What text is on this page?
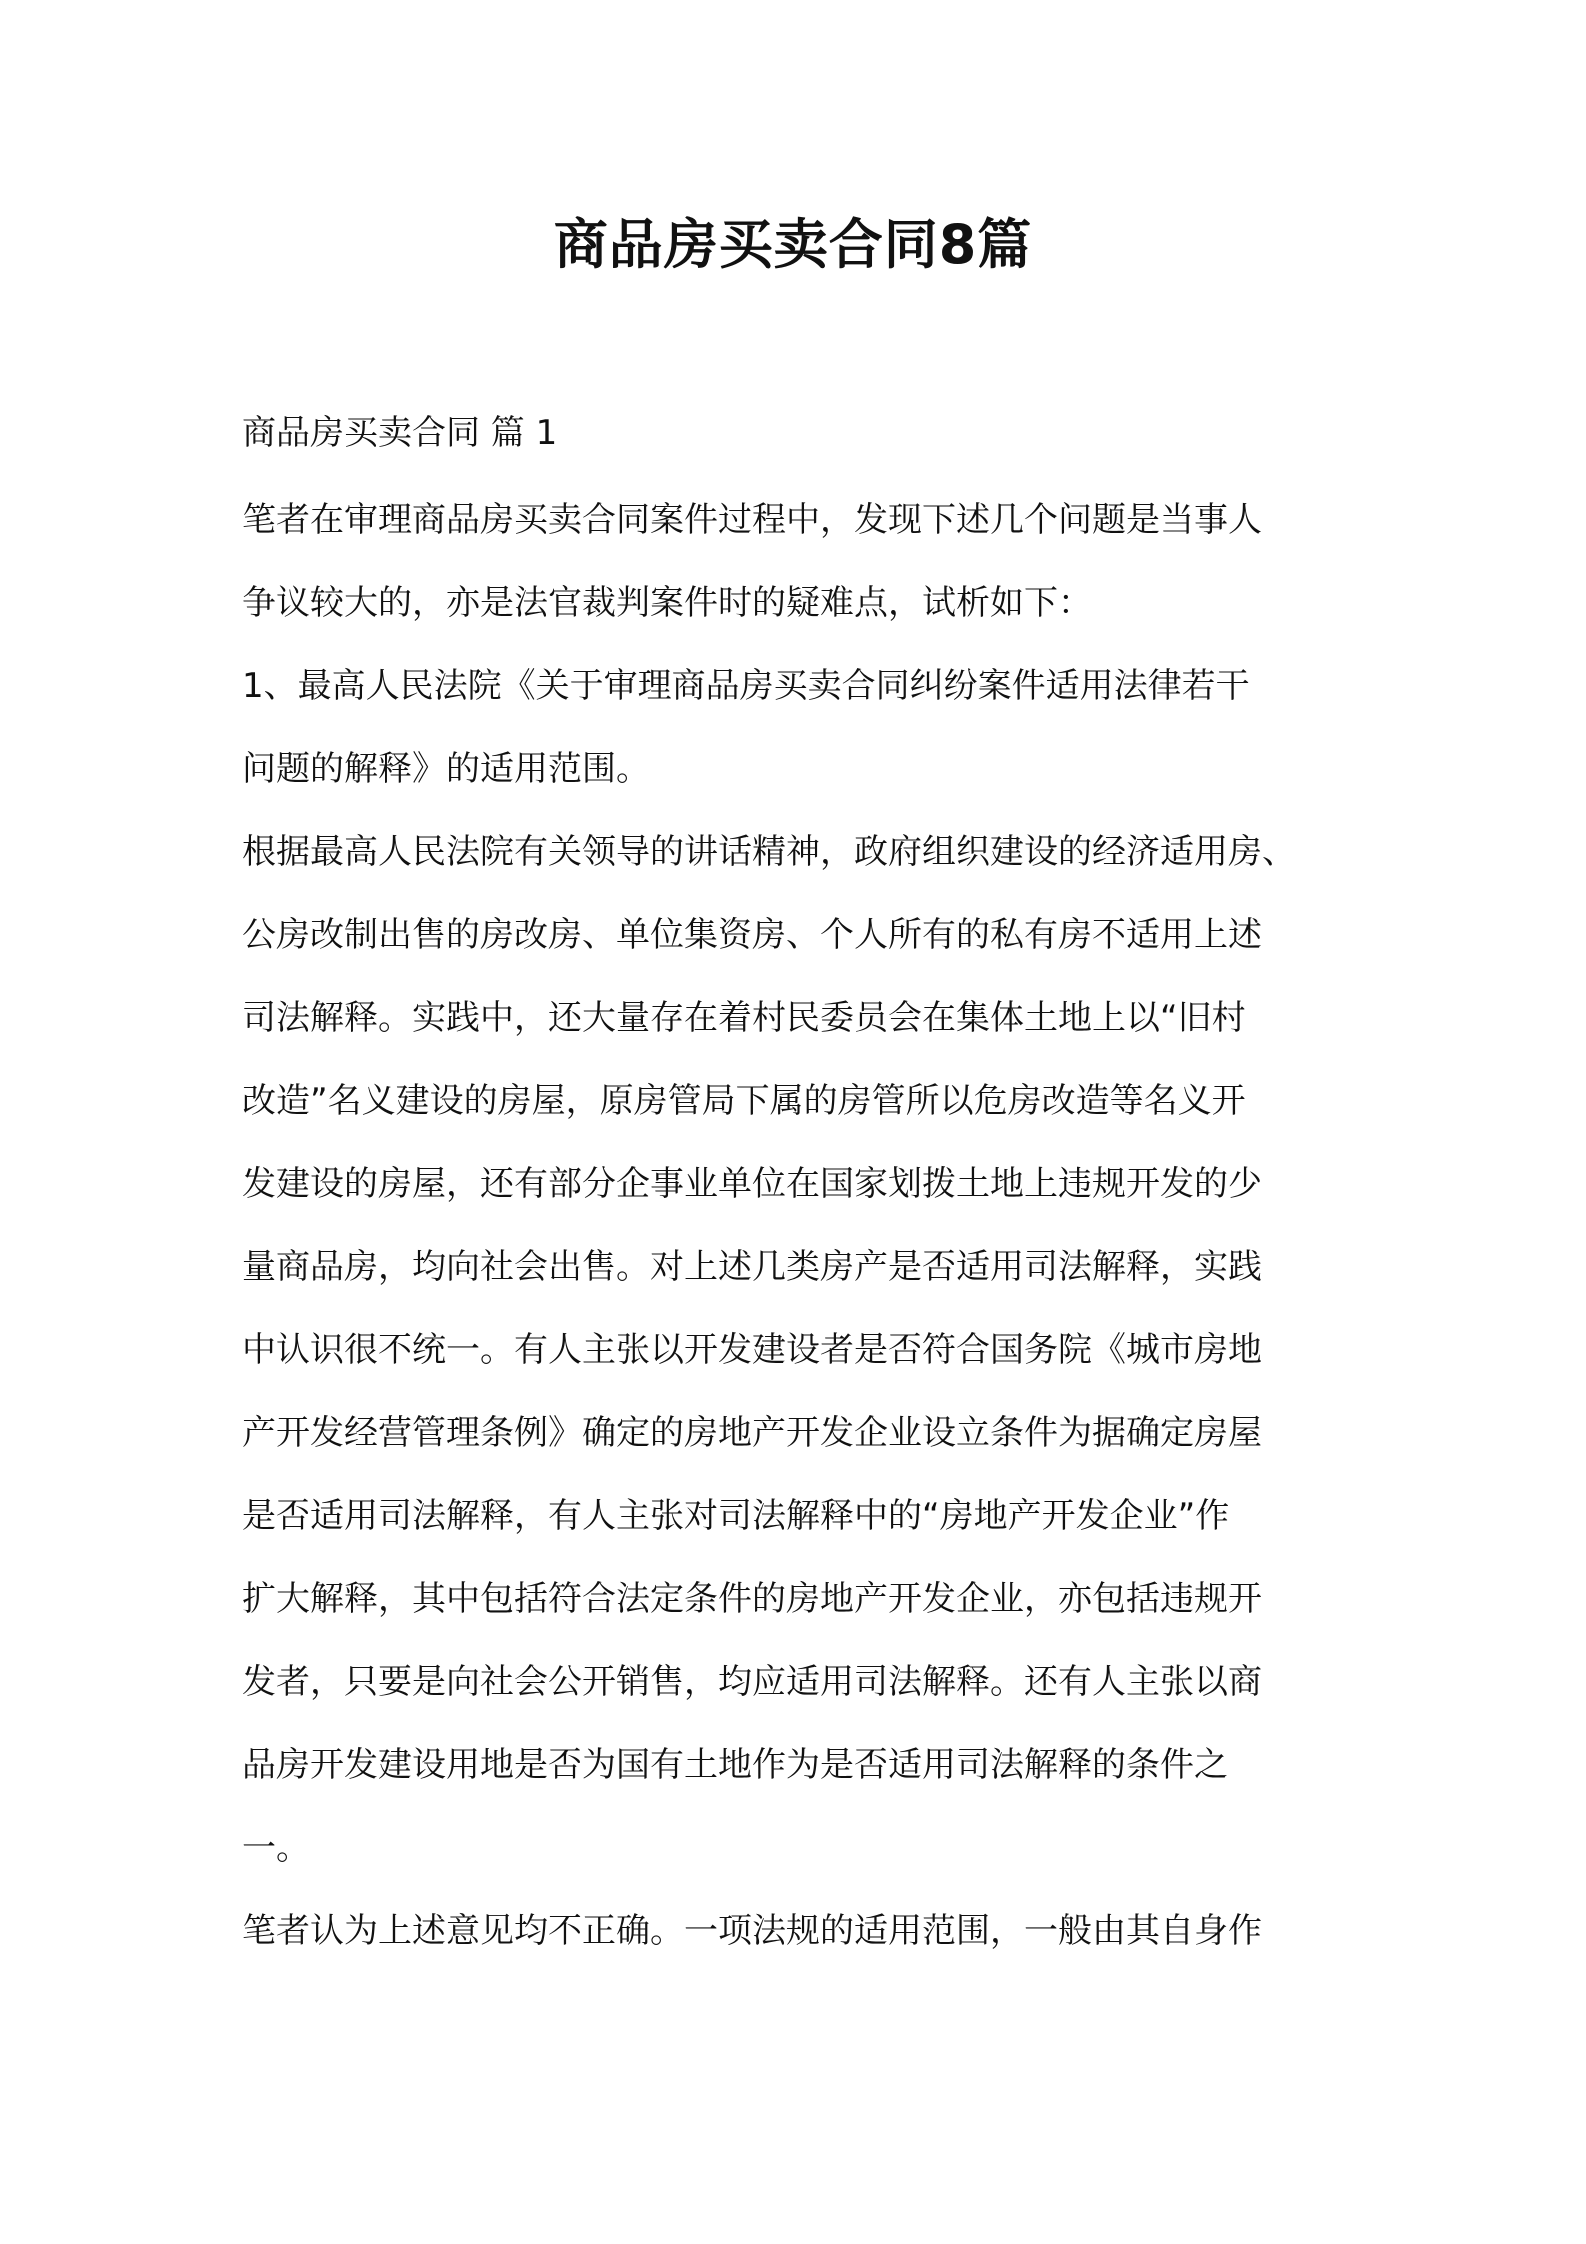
商品房买卖合同8篇
商品房买卖合同 篇 1

笔者在审理商品房买卖合同案件过程中，发现下述几个问题是当事人

争议较大的，亦是法官裁判案件时的疑难点，试析如下：

1、最高人民法院《关于审理商品房买卖合同纠纷案件适用法律若干

问题的解释》的适用范围。

根据最高人民法院有关领导的讲话精神，政府组织建设的经济适用房、

公房改制出售的房改房、单位集资房、个人所有的私有房不适用上述

司法解释。实践中，还大量存在着村民委员会在集体土地上以“旧村

改造”名义建设的房屋，原房管局下属的房管所以危房改造等名义开

发建设的房屋，还有部分企事业单位在国家划拨土地上违规开发的少

量商品房，均向社会出售。对上述几类房产是否适用司法解释，实践

中认识很不统一。有人主张以开发建设者是否符合国务院《城市房地

产开发经营管理条例》确定的房地产开发企业设立条件为据确定房屋

是否适用司法解释，有人主张对司法解释中的“房地产开发企业”作

扩大解释，其中包括符合法定条件的房地产开发企业，亦包括违规开

发者，只要是向社会公开销售，均应适用司法解释。还有人主张以商

品房开发建设用地是否为国有土地作为是否适用司法解释的条件之

一。

笔者认为上述意见均不正确。一项法规的适用范围，一般由其自身作
